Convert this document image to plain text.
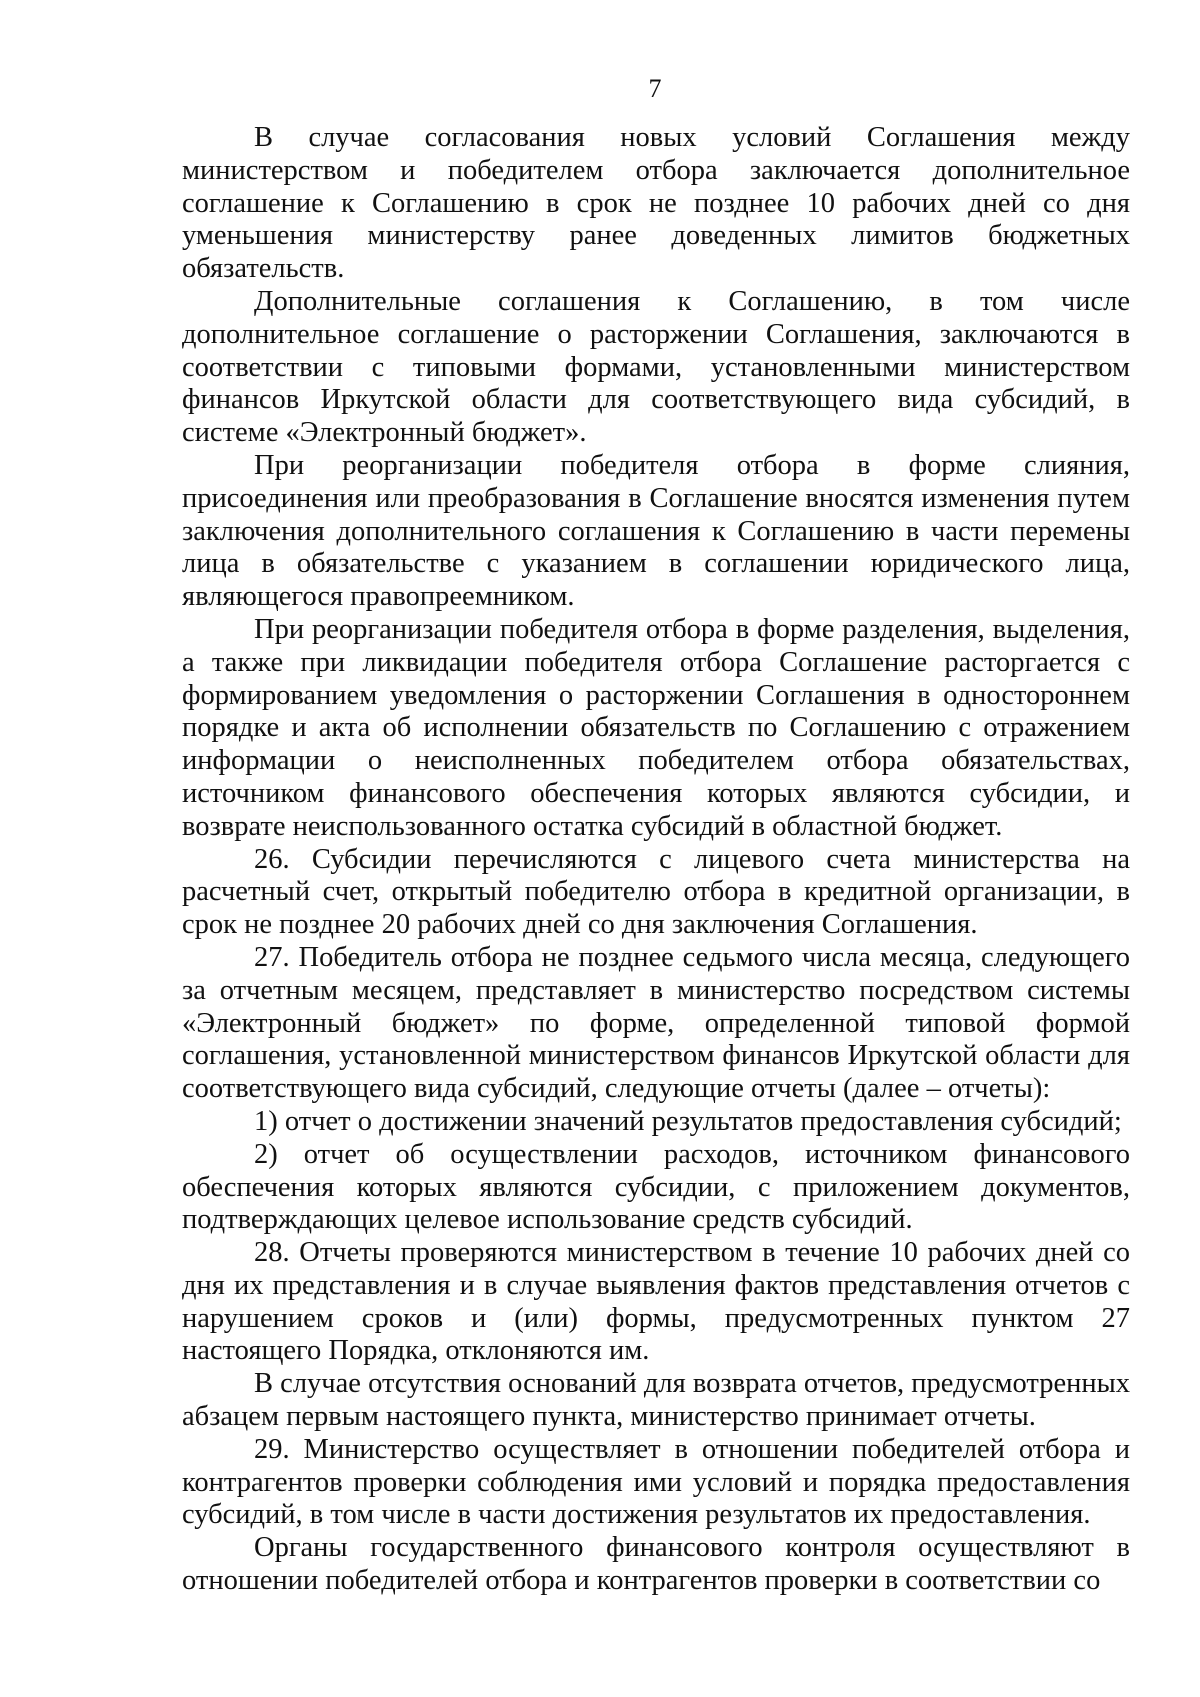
7

В случае согласования новых условий Соглашения между министерством и победителем отбора заключается дополнительное соглашение к Соглашению в срок не позднее 10 рабочих дней со дня уменьшения министерству ранее доведенных лимитов бюджетных обязательств.

Дополнительные соглашения к Соглашению, в том числе дополнительное соглашение о расторжении Соглашения, заключаются в соответствии с типовыми формами, установленными министерством финансов Иркутской области для соответствующего вида субсидий, в системе «Электронный бюджет».

При реорганизации победителя отбора в форме слияния, присоединения или преобразования в Соглашение вносятся изменения путем заключения дополнительного соглашения к Соглашению в части перемены лица в обязательстве с указанием в соглашении юридического лица, являющегося правопреемником.

При реорганизации победителя отбора в форме разделения, выделения, а также при ликвидации победителя отбора Соглашение расторгается с формированием уведомления о расторжении Соглашения в одностороннем порядке и акта об исполнении обязательств по Соглашению с отражением информации о неисполненных победителем отбора обязательствах, источником финансового обеспечения которых являются субсидии, и возврате неиспользованного остатка субсидий в областной бюджет.

26. Субсидии перечисляются с лицевого счета министерства на расчетный счет, открытый победителю отбора в кредитной организации, в срок не позднее 20 рабочих дней со дня заключения Соглашения.

27. Победитель отбора не позднее седьмого числа месяца, следующего за отчетным месяцем, представляет в министерство посредством системы «Электронный бюджет» по форме, определенной типовой формой соглашения, установленной министерством финансов Иркутской области для соответствующего вида субсидий, следующие отчеты (далее – отчеты):

1) отчет о достижении значений результатов предоставления субсидий;

2) отчет об осуществлении расходов, источником финансового обеспечения которых являются субсидии, с приложением документов, подтверждающих целевое использование средств субсидий.

28. Отчеты проверяются министерством в течение 10 рабочих дней со дня их представления и в случае выявления фактов представления отчетов с нарушением сроков и (или) формы, предусмотренных пунктом 27 настоящего Порядка, отклоняются им.

В случае отсутствия оснований для возврата отчетов, предусмотренных абзацем первым настоящего пункта, министерство принимает отчеты.

29. Министерство осуществляет в отношении победителей отбора и контрагентов проверки соблюдения ими условий и порядка предоставления субсидий, в том числе в части достижения результатов их предоставления.

Органы государственного финансового контроля осуществляют в отношении победителей отбора и контрагентов проверки в соответствии со
